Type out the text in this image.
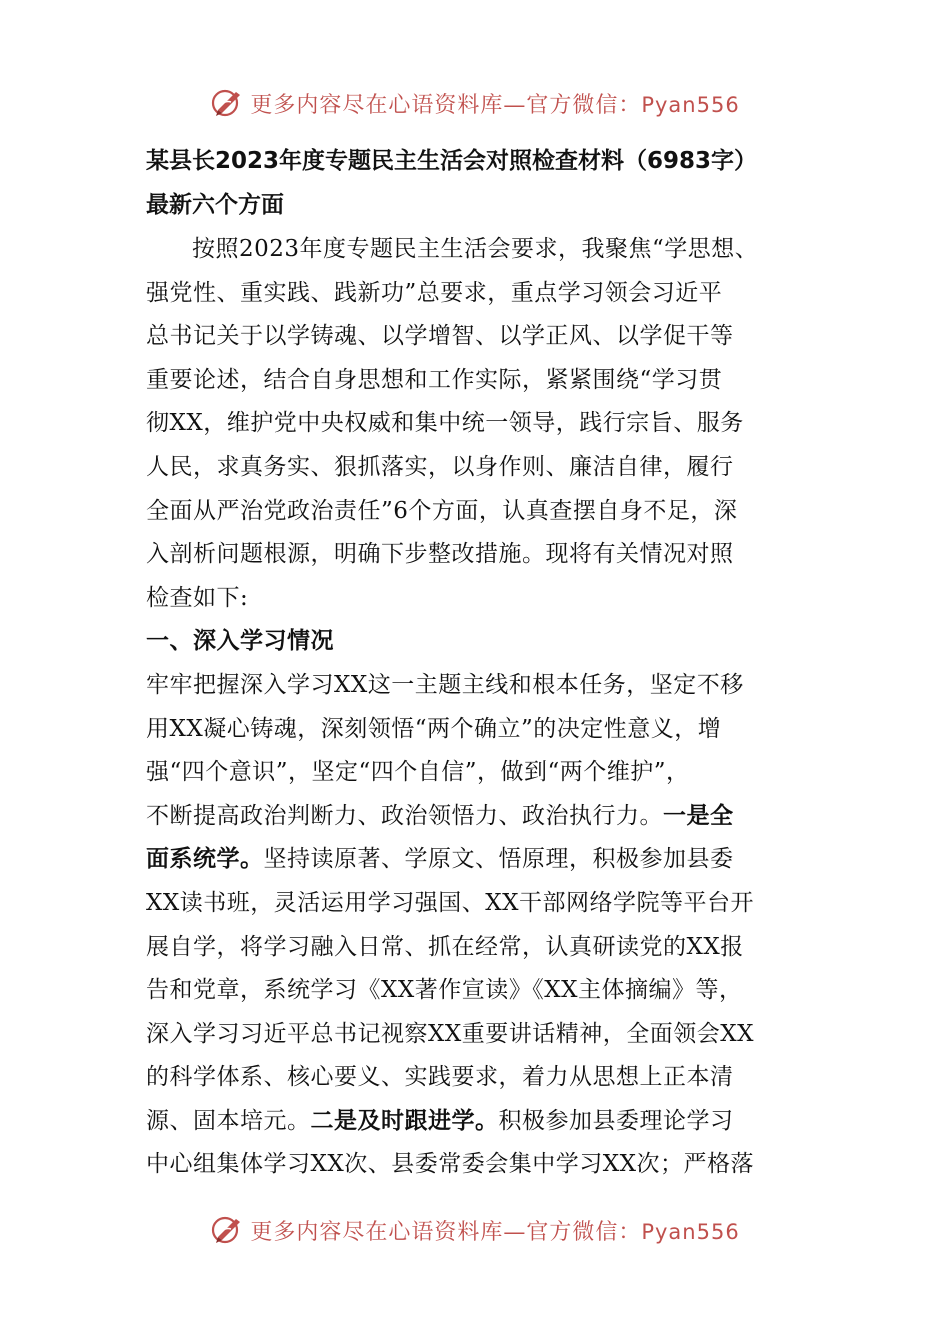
更多内容尽在心语资料库—官方微信：Pyan556
某县长2023年度专题民主生活会对照检查材料（6983字）
最新六个方面
按照2023年度专题民主生活会要求，我聚焦“学思想、
强党性、重实践、践新功”总要求，重点学习领会习近平
总书记关于以学铸魂、以学增智、以学正风、以学促干等
重要论述，结合自身思想和工作实际，紧紧围绕“学习贯
彻XX，维护党中央权威和集中统一领导，践行宗旨、服务
人民，求真务实、狠抓落实，以身作则、廉洁自律，履行
全面从严治党政治责任”6个方面，认真查摆自身不足，深
入剖析问题根源，明确下步整改措施。现将有关情况对照
检查如下:
一、深入学习情况
牢牢把握深入学习XX这一主题主线和根本任务，坚定不移
用XX凝心铸魂，深刻领悟“两个确立”的决定性意义，增
强“四个意识”，坚定“四个自信”，做到“两个维护”，
不断提高政治判断力、政治领悟力、政治执行力。一是全
面系统学。坚持读原著、学原文、悟原理，积极参加县委
XX读书班，灵活运用学习强国、XX干部网络学院等平台开
展自学，将学习融入日常、抓在经常，认真研读党的XX报
告和党章，系统学习《XX著作宣读》《XX主体摘编》等，
深入学习习近平总书记视察XX重要讲话精神，全面领会XX
的科学体系、核心要义、实践要求，着力从思想上正本清
源、固本培元。二是及时跟进学。积极参加县委理论学习
中心组集体学习XX次、县委常委会集中学习XX次；严格落
更多内容尽在心语资料库—官方微信：Pyan556
